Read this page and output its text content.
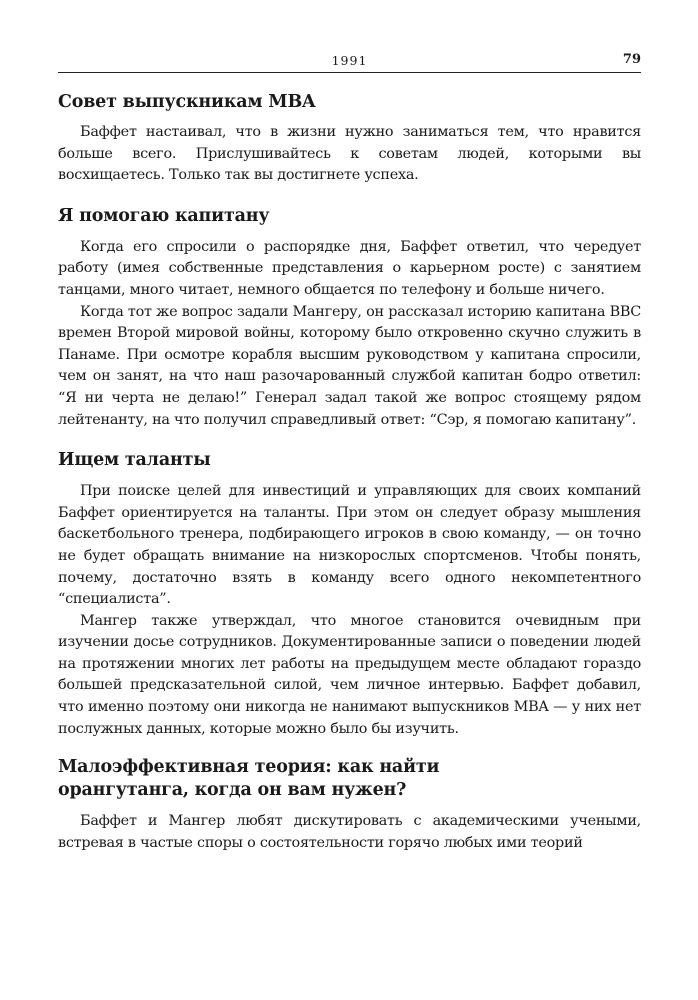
1991	79
Совет выпускникам MBA

Баффет настаивал, что в жизни нужно заниматься тем, что нравится больше всего. Прислушивайтесь к советам людей, которыми вы восхищаетесь. Только так вы достигнете успеха.

Я помогаю капитану

Когда его спросили о распорядке дня, Баффет ответил, что чередует работу (имея собственные представления о карьерном росте) с занятием танцами, много читает, немного общается по телефону и больше ничего.

Когда тот же вопрос задали Мангеру, он рассказал историю капитана ВВС времен Второй мировой войны, которому было откровенно скучно служить в Панаме. При осмотре корабля высшим руководством у капитана спросили, чем он занят, на что наш разочарованный службой капитан бодро ответил: “Я ни черта не делаю!” Генерал задал такой же вопрос стоящему рядом лейтенанту, на что получил справедливый ответ: “Сэр, я помогаю капитану”.

Ищем таланты

При поиске целей для инвестиций и управляющих для своих компаний Баффет ориентируется на таланты. При этом он следует образу мышления баскетбольного тренера, подбирающего игроков в свою команду, — он точно не будет обращать внимание на низкорослых спортсменов. Чтобы понять, почему, достаточно взять в команду всего одного некомпетентного “специалиста”.

Мангер также утверждал, что многое становится очевидным при изучении досье сотрудников. Документированные записи о поведении людей на протяжении многих лет работы на предыдущем месте обладают гораздо большей предсказательной силой, чем личное интервью. Баффет добавил, что именно поэтому они никогда не нанимают выпускников MBA — у них нет послужных данных, которые можно было бы изучить.

Малоэффективная теория: как найти
орангутанга, когда он вам нужен?

Баффет и Мангер любят дискутировать с академическими учеными, встревая в частые споры о состоятельности горячо любых ими теорий
